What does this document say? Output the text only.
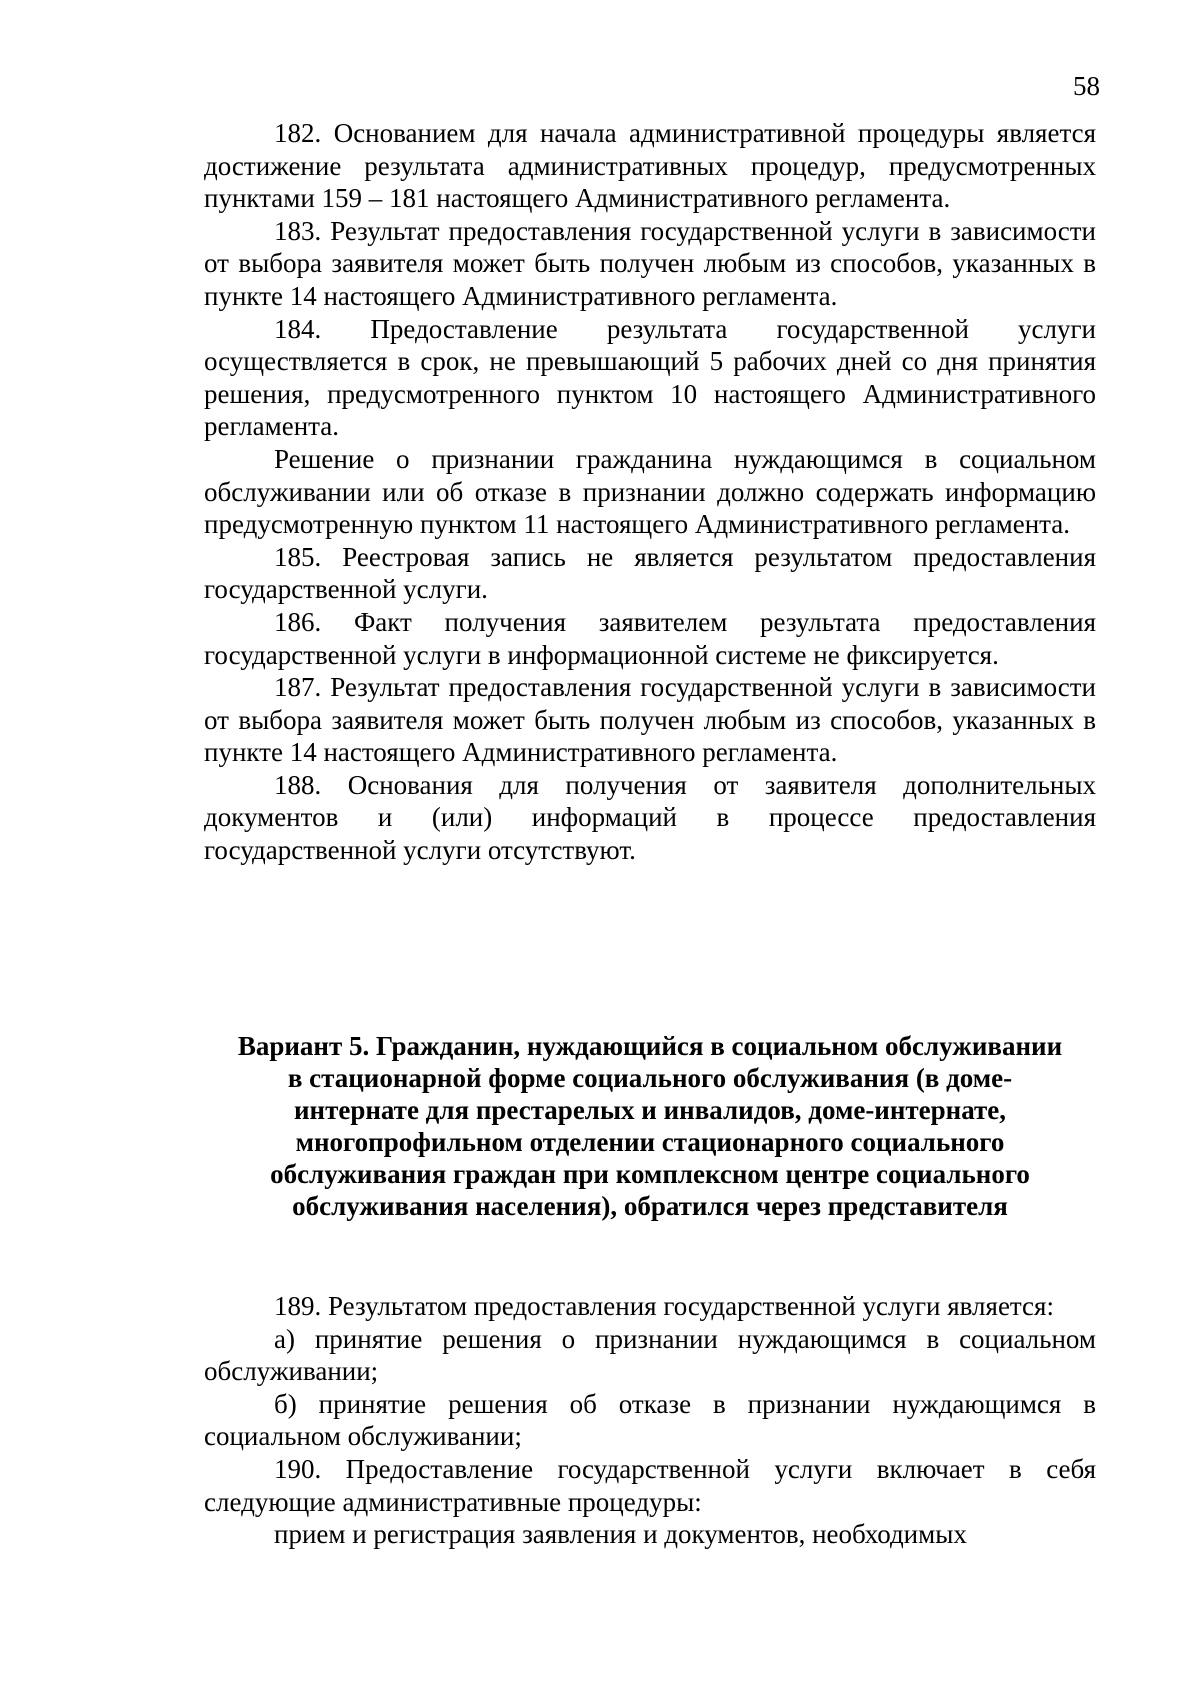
58

182. Основанием для начала административной процедуры является достижение результата административных процедур, предусмотренных пунктами 159 – 181 настоящего Административного регламента.

183. Результат предоставления государственной услуги в зависимости от выбора заявителя может быть получен любым из способов, указанных в пункте 14 настоящего Административного регламента.

184. Предоставление результата государственной услуги осуществляется в срок, не превышающий 5 рабочих дней со дня принятия решения, предусмотренного пунктом 10 настоящего Административного регламента.

Решение о признании гражданина нуждающимся в социальном обслуживании или об отказе в признании должно содержать информацию предусмотренную пунктом 11 настоящего Административного регламента.

185. Реестровая запись не является результатом предоставления государственной услуги.

186. Факт получения заявителем результата предоставления государственной услуги в информационной системе не фиксируется.

187. Результат предоставления государственной услуги в зависимости от выбора заявителя может быть получен любым из способов, указанных в пункте 14 настоящего Административного регламента.

188. Основания для получения от заявителя дополнительных документов и (или) информаций в процессе предоставления государственной услуги отсутствуют.

Вариант 5. Гражданин, нуждающийся в социальном обслуживании
в стационарной форме социального обслуживания (в доме-
интернате для престарелых и инвалидов, доме-интернате,
многопрофильном отделении стационарного социального
обслуживания граждан при комплексном центре социального
обслуживания населения), обратился через представителя

189. Результатом предоставления государственной услуги является:

а) принятие решения о признании нуждающимся в социальном обслуживании;

б) принятие решения об отказе в признании нуждающимся в социальном обслуживании;

190. Предоставление государственной услуги включает в себя следующие административные процедуры:

прием и регистрация заявления и документов, необходимых
